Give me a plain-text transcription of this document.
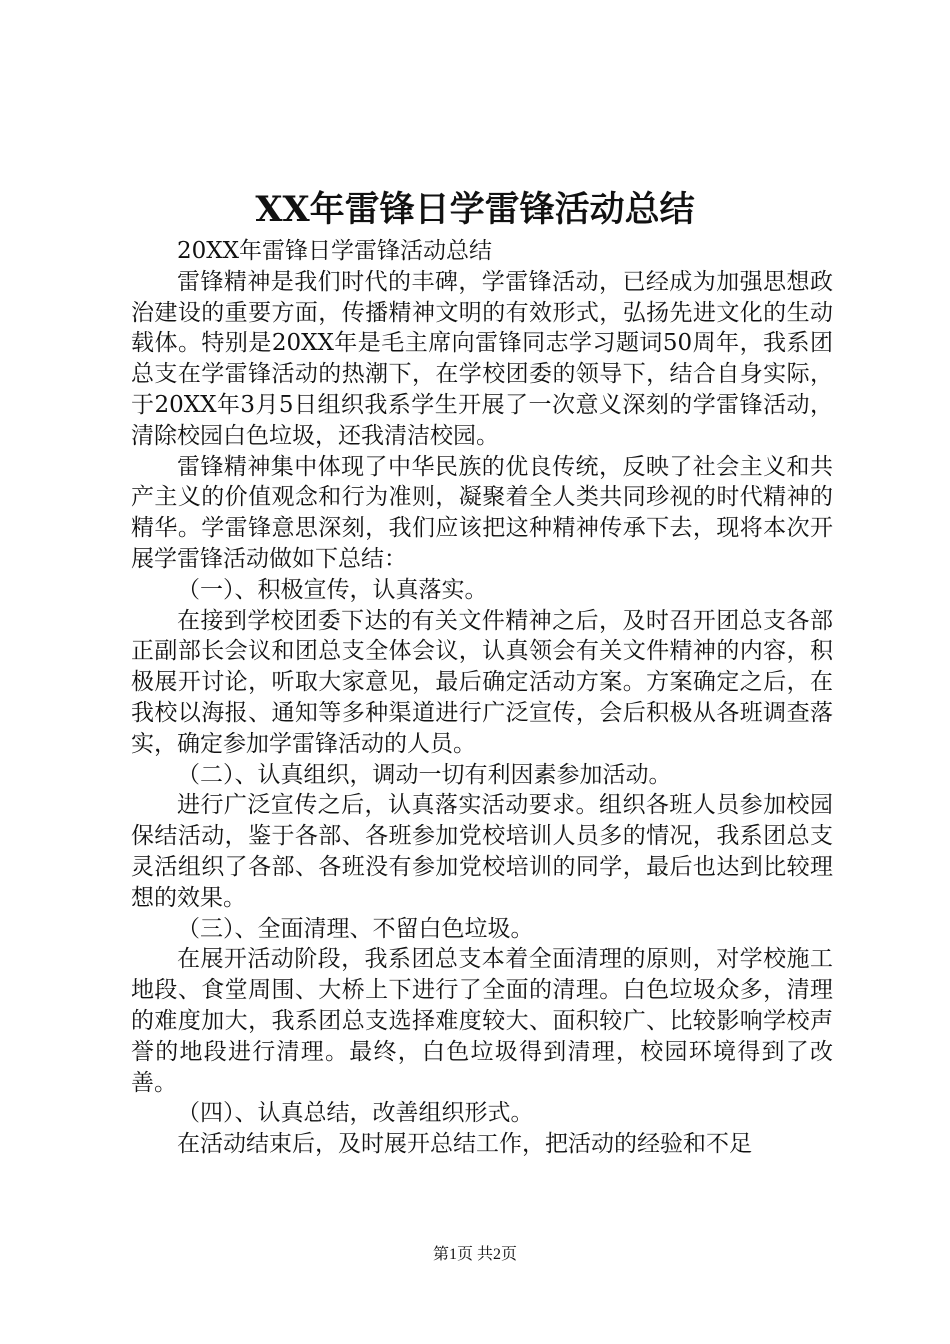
XX年雷锋日学雷锋活动总结

20XX年雷锋日学雷锋活动总结

雷锋精神是我们时代的丰碑，学雷锋活动，已经成为加强思想政治建设的重要方面，传播精神文明的有效形式，弘扬先进文化的生动载体。特别是20XX年是毛主席向雷锋同志学习题词50周年，我系团总支在学雷锋活动的热潮下，在学校团委的领导下，结合自身实际，于20XX年3月5日组织我系学生开展了一次意义深刻的学雷锋活动，清除校园白色垃圾，还我清洁校园。

雷锋精神集中体现了中华民族的优良传统，反映了社会主义和共产主义的价值观念和行为准则，凝聚着全人类共同珍视的时代精神的精华。学雷锋意思深刻，我们应该把这种精神传承下去，现将本次开展学雷锋活动做如下总结：

（一）、积极宣传，认真落实。

在接到学校团委下达的有关文件精神之后，及时召开团总支各部正副部长会议和团总支全体会议，认真领会有关文件精神的内容，积极展开讨论，听取大家意见，最后确定活动方案。方案确定之后，在我校以海报、通知等多种渠道进行广泛宣传，会后积极从各班调查落实，确定参加学雷锋活动的人员。

（二）、认真组织，调动一切有利因素参加活动。

进行广泛宣传之后，认真落实活动要求。组织各班人员参加校园保结活动，鉴于各部、各班参加党校培训人员多的情况，我系团总支灵活组织了各部、各班没有参加党校培训的同学，最后也达到比较理想的效果。

（三）、全面清理、不留白色垃圾。

在展开活动阶段，我系团总支本着全面清理的原则，对学校施工地段、食堂周围、大桥上下进行了全面的清理。白色垃圾众多，清理的难度加大，我系团总支选择难度较大、面积较广、比较影响学校声誉的地段进行清理。最终，白色垃圾得到清理，校园环境得到了改善。

（四）、认真总结，改善组织形式。

在活动结束后，及时展开总结工作，把活动的经验和不足

第1页 共2页
